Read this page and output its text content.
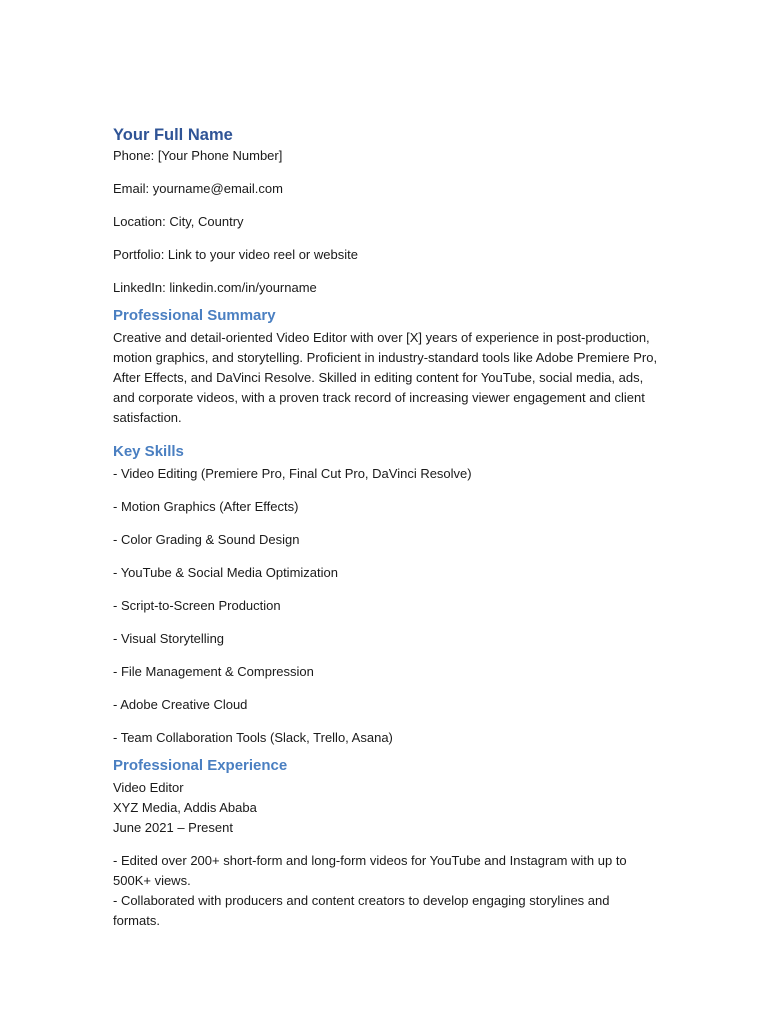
Your Full Name

Phone: [Your Phone Number]

Email: yourname@email.com

Location: City, Country

Portfolio: Link to your video reel or website

LinkedIn: linkedin.com/in/yourname

Professional Summary

Creative and detail-oriented Video Editor with over [X] years of experience in post-production, motion graphics, and storytelling. Proficient in industry-standard tools like Adobe Premiere Pro, After Effects, and DaVinci Resolve. Skilled in editing content for YouTube, social media, ads, and corporate videos, with a proven track record of increasing viewer engagement and client satisfaction.

Key Skills

- Video Editing (Premiere Pro, Final Cut Pro, DaVinci Resolve)

- Motion Graphics (After Effects)

- Color Grading & Sound Design

- YouTube & Social Media Optimization

- Script-to-Screen Production

- Visual Storytelling

- File Management & Compression

- Adobe Creative Cloud

- Team Collaboration Tools (Slack, Trello, Asana)

Professional Experience

Video Editor

XYZ Media, Addis Ababa

June 2021 – Present

- Edited over 200+ short-form and long-form videos for YouTube and Instagram with up to 500K+ views.

- Collaborated with producers and content creators to develop engaging storylines and formats.
